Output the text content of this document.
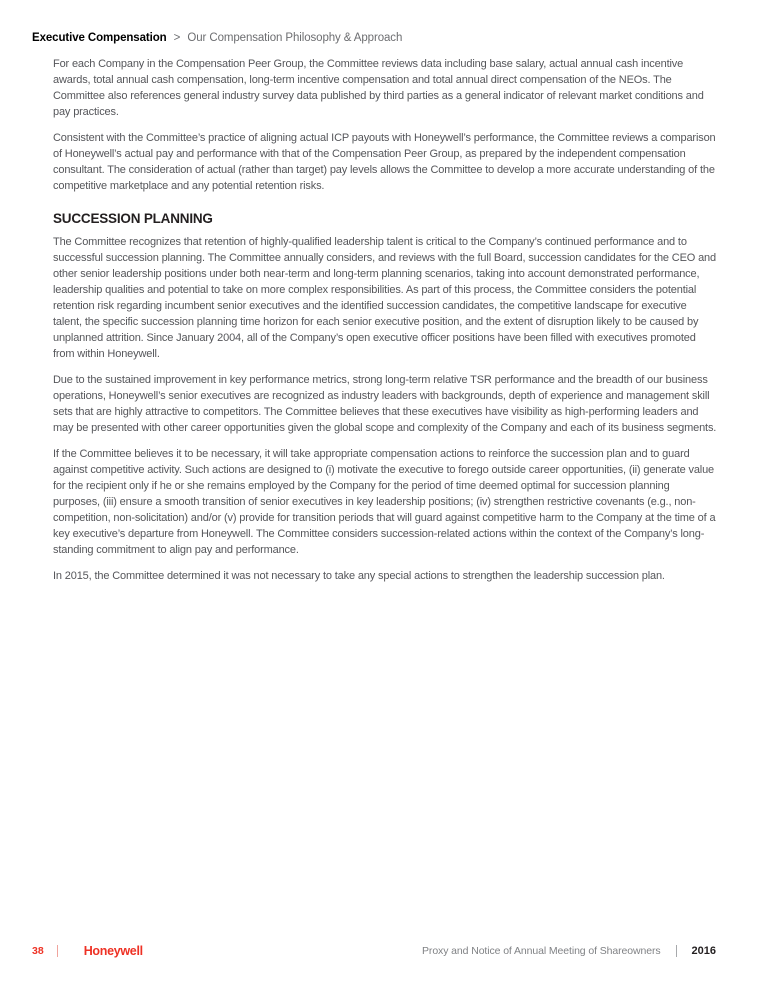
Executive Compensation > Our Compensation Philosophy & Approach

For each Company in the Compensation Peer Group, the Committee reviews data including base salary, actual annual cash incentive awards, total annual cash compensation, long-term incentive compensation and total annual direct compensation of the NEOs. The Committee also references general industry survey data published by third parties as a general indicator of relevant market conditions and pay practices.

Consistent with the Committee’s practice of aligning actual ICP payouts with Honeywell’s performance, the Committee reviews a comparison of Honeywell’s actual pay and performance with that of the Compensation Peer Group, as prepared by the independent compensation consultant. The consideration of actual (rather than target) pay levels allows the Committee to develop a more accurate understanding of the competitive marketplace and any potential retention risks.

SUCCESSION PLANNING

The Committee recognizes that retention of highly-qualified leadership talent is critical to the Company’s continued performance and to successful succession planning. The Committee annually considers, and reviews with the full Board, succession candidates for the CEO and other senior leadership positions under both near-term and long-term planning scenarios, taking into account demonstrated performance, leadership qualities and potential to take on more complex responsibilities. As part of this process, the Committee considers the potential retention risk regarding incumbent senior executives and the identified succession candidates, the competitive landscape for executive talent, the specific succession planning time horizon for each senior executive position, and the extent of disruption likely to be caused by unplanned attrition. Since January 2004, all of the Company’s open executive officer positions have been filled with executives promoted from within Honeywell.

Due to the sustained improvement in key performance metrics, strong long-term relative TSR performance and the breadth of our business operations, Honeywell’s senior executives are recognized as industry leaders with backgrounds, depth of experience and management skill sets that are highly attractive to competitors. The Committee believes that these executives have visibility as high-performing leaders and may be presented with other career opportunities given the global scope and complexity of the Company and each of its business segments.

If the Committee believes it to be necessary, it will take appropriate compensation actions to reinforce the succession plan and to guard against competitive activity. Such actions are designed to (i) motivate the executive to forego outside career opportunities, (ii) generate value for the recipient only if he or she remains employed by the Company for the period of time deemed optimal for succession planning purposes, (iii) ensure a smooth transition of senior executives in key leadership positions; (iv) strengthen restrictive covenants (e.g., non-competition, non-solicitation) and/or (v) provide for transition periods that will guard against competitive harm to the Company at the time of a key executive’s departure from Honeywell. The Committee considers succession-related actions within the context of the Company’s long-standing commitment to align pay and performance.

In 2015, the Committee determined it was not necessary to take any special actions to strengthen the leadership succession plan.

38	Honeywell	Proxy and Notice of Annual Meeting of Shareowners	2016
